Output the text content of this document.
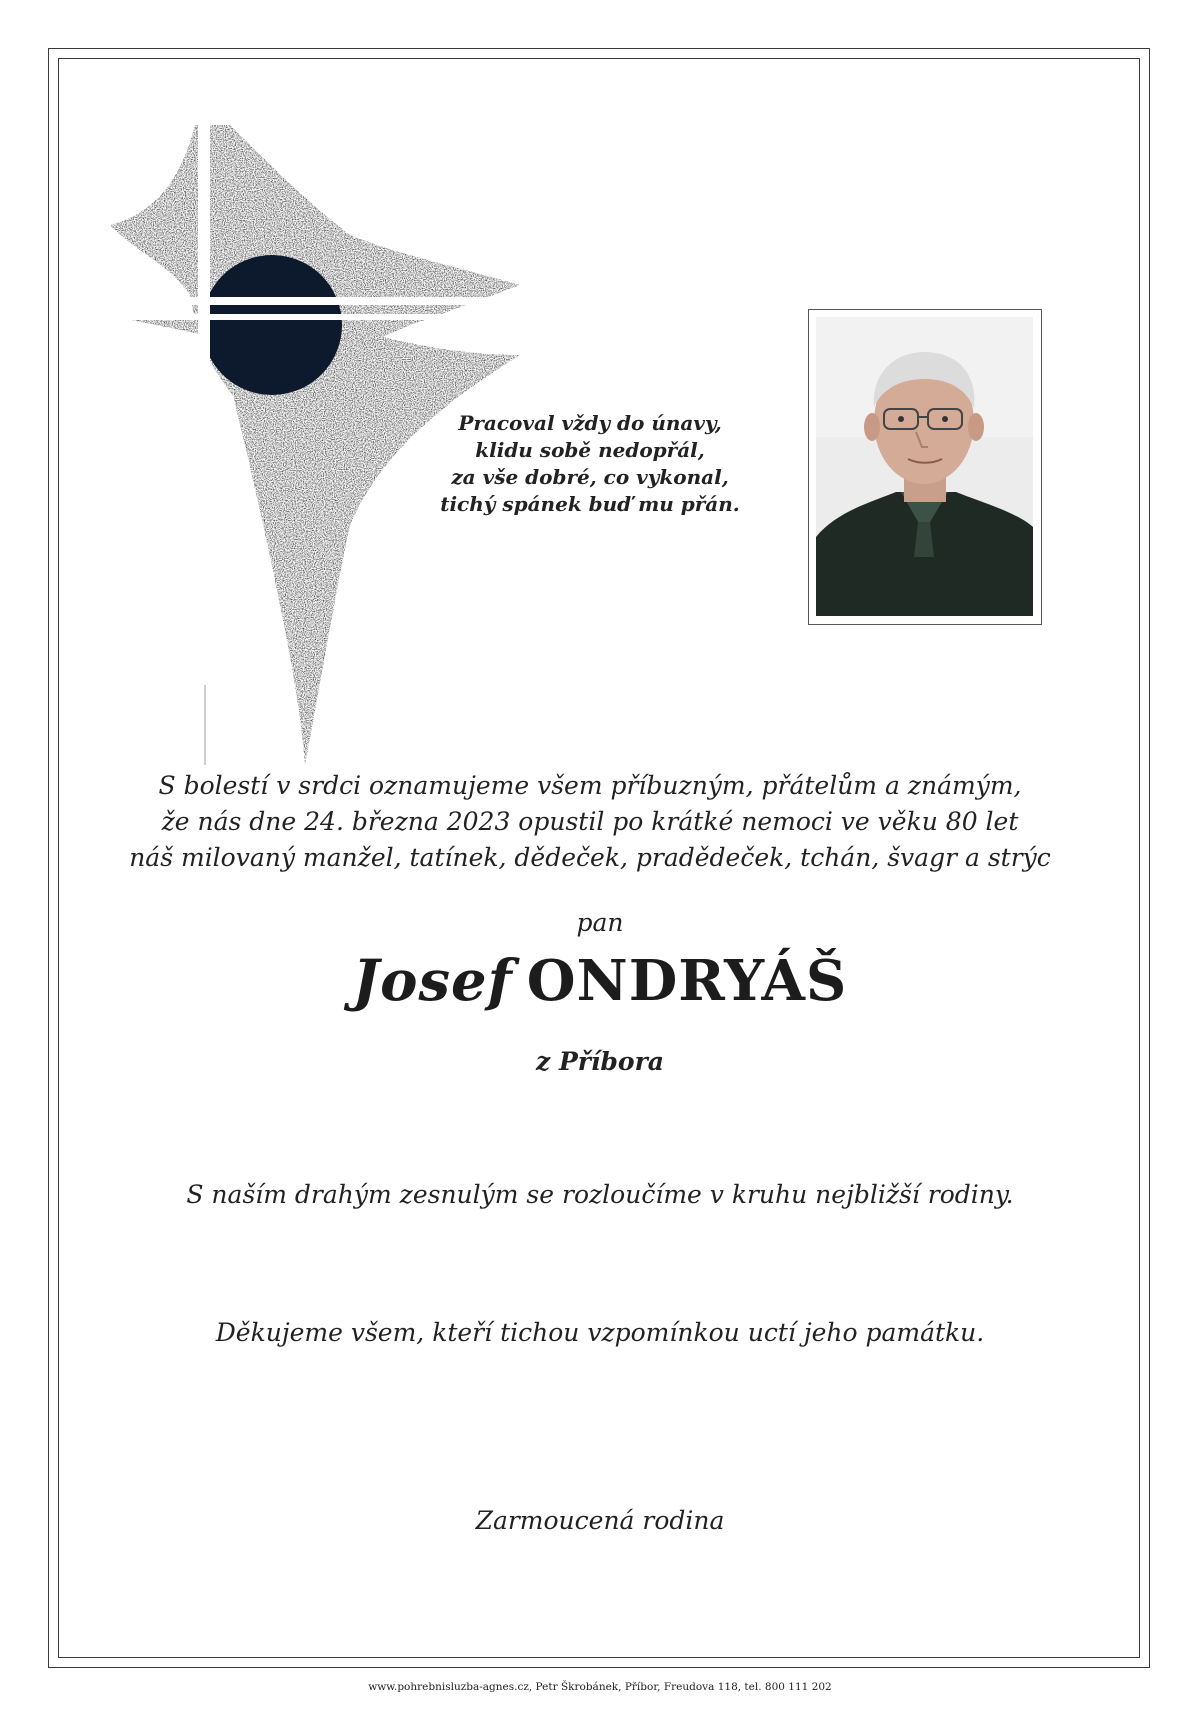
Pracoval vždy do únavy,
klidu sobě nedopřál,
za vše dobré, co vykonal,
tichý spánek buď mu přán.
S bolestí v srdci oznamujeme všem příbuzným, přátelům a známým,
že nás dne 24. března 2023 opustil po krátké nemoci ve věku 80 let
náš milovaný manžel, tatínek, dědeček, pradědeček, tchán, švagr a strýc
pan
Josef ONDRYÁŠ
z Příbora
S naším drahým zesnulým se rozloučíme v kruhu nejbližší rodiny.
Děkujeme všem, kteří tichou vzpomínkou uctí jeho památku.
Zarmoucená rodina
www.pohrebnisluzba-agnes.cz, Petr Škrobánek, Příbor, Freudova 118, tel. 800 111 202
